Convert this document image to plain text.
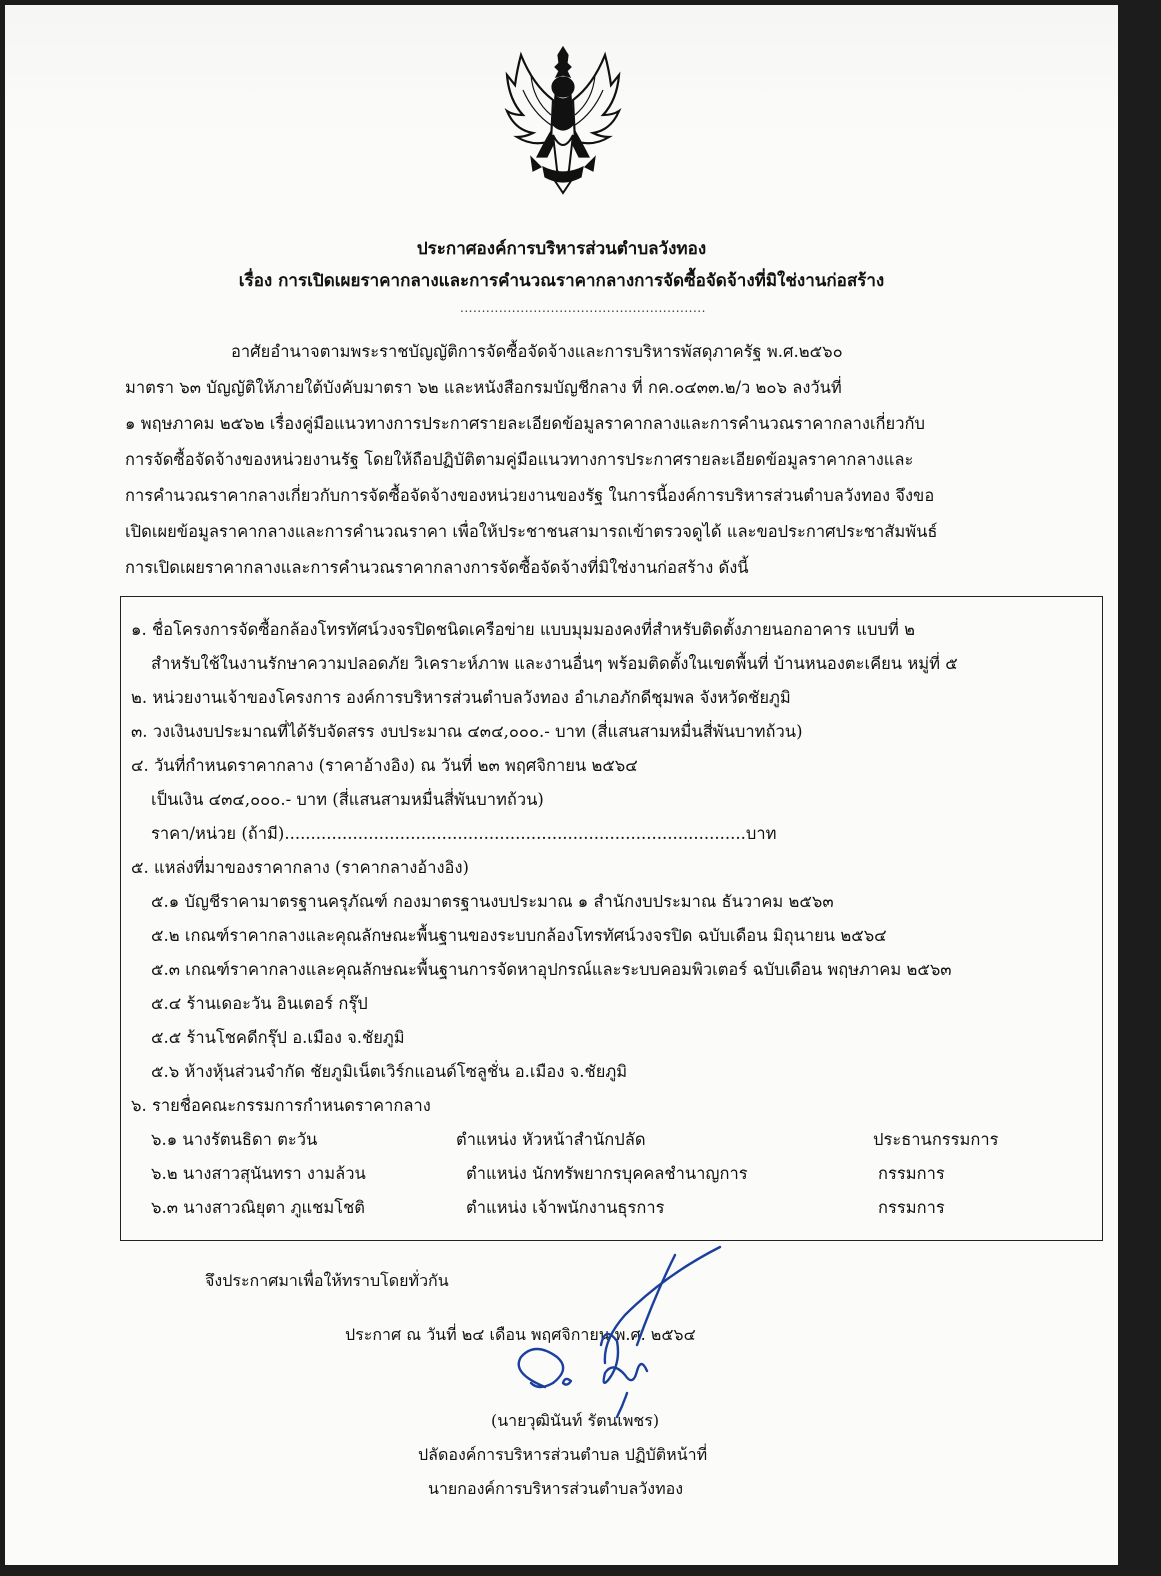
ประกาศองค์การบริหารส่วนตำบลวังทอง
เรื่อง การเปิดเผยราคากลางและการคำนวณราคากลางการจัดซื้อจัดจ้างที่มิใช่งานก่อสร้าง
.........................................................
อาศัยอำนาจตามพระราชบัญญัติการจัดซื้อจัดจ้างและการบริหารพัสดุภาครัฐ พ.ศ.๒๕๖๐
มาตรา ๖๓ บัญญัติให้ภายใต้บังคับมาตรา ๖๒ และหนังสือกรมบัญชีกลาง ที่ กค.๐๔๓๓.๒/ว ๒๐๖ ลงวันที่
๑ พฤษภาคม ๒๕๖๒ เรื่องคู่มือแนวทางการประกาศรายละเอียดข้อมูลราคากลางและการคำนวณราคากลางเกี่ยวกับ
การจัดซื้อจัดจ้างของหน่วยงานรัฐ โดยให้ถือปฏิบัติตามคู่มือแนวทางการประกาศรายละเอียดข้อมูลราคากลางและ
การคำนวณราคากลางเกี่ยวกับการจัดซื้อจัดจ้างของหน่วยงานของรัฐ ในการนี้องค์การบริหารส่วนตำบลวังทอง จึงขอ
เปิดเผยข้อมูลราคากลางและการคำนวณราคา เพื่อให้ประชาชนสามารถเข้าตรวจดูได้ และขอประกาศประชาสัมพันธ์
การเปิดเผยราคากลางและการคำนวณราคากลางการจัดซื้อจัดจ้างที่มิใช่งานก่อสร้าง ดังนี้
๑. ชื่อโครงการจัดซื้อกล้องโทรทัศน์วงจรปิดชนิดเครือข่าย แบบมุมมองคงที่สำหรับติดตั้งภายนอกอาคาร แบบที่ ๒
สำหรับใช้ในงานรักษาความปลอดภัย วิเคราะห์ภาพ และงานอื่นๆ พร้อมติดตั้งในเขตพื้นที่ บ้านหนองตะเคียน หมู่ที่ ๕
๒. หน่วยงานเจ้าของโครงการ องค์การบริหารส่วนตำบลวังทอง อำเภอภักดีชุมพล จังหวัดชัยภูมิ
๓. วงเงินงบประมาณที่ได้รับจัดสรร งบประมาณ ๔๓๔,๐๐๐.- บาท (สี่แสนสามหมื่นสี่พันบาทถ้วน)
๔. วันที่กำหนดราคากลาง (ราคาอ้างอิง) ณ วันที่ ๒๓ พฤศจิกายน ๒๕๖๔
เป็นเงิน ๔๓๔,๐๐๐.- บาท (สี่แสนสามหมื่นสี่พันบาทถ้วน)
ราคา/หน่วย (ถ้ามี)........................................................................................บาท
๕. แหล่งที่มาของราคากลาง (ราคากลางอ้างอิง)
๕.๑ บัญชีราคามาตรฐานครุภัณฑ์ กองมาตรฐานงบประมาณ ๑ สำนักงบประมาณ ธันวาคม ๒๕๖๓
๕.๒ เกณฑ์ราคากลางและคุณลักษณะพื้นฐานของระบบกล้องโทรทัศน์วงจรปิด ฉบับเดือน มิถุนายน ๒๕๖๔
๕.๓ เกณฑ์ราคากลางและคุณลักษณะพื้นฐานการจัดหาอุปกรณ์และระบบคอมพิวเตอร์ ฉบับเดือน พฤษภาคม ๒๕๖๓
๕.๔ ร้านเดอะวัน อินเตอร์ กรุ๊ป
๕.๕ ร้านโชคดีกรุ๊ป อ.เมือง จ.ชัยภูมิ
๕.๖ ห้างหุ้นส่วนจำกัด ชัยภูมิเน็ตเวิร์กแอนด์โซลูชั่น อ.เมือง จ.ชัยภูมิ
๖. รายชื่อคณะกรรมการกำหนดราคากลาง
๖.๑ นางรัตนธิดา ตะวัน	ตำแหน่ง หัวหน้าสำนักปลัด	ประธานกรรมการ
๖.๒ นางสาวสุนันทรา งามล้วน	ตำแหน่ง นักทรัพยากรบุคคลชำนาญการ	กรรมการ
๖.๓ นางสาวณิยุตา ภูแชมโชติ	ตำแหน่ง เจ้าพนักงานธุรการ	กรรมการ
จึงประกาศมาเพื่อให้ทราบโดยทั่วกัน
ประกาศ ณ วันที่ ๒๔ เดือน พฤศจิกายน พ.ศ. ๒๕๖๔
(นายวุฒินันท์ รัตนเพชร)
ปลัดองค์การบริหารส่วนตำบล ปฏิบัติหน้าที่
นายกองค์การบริหารส่วนตำบลวังทอง
